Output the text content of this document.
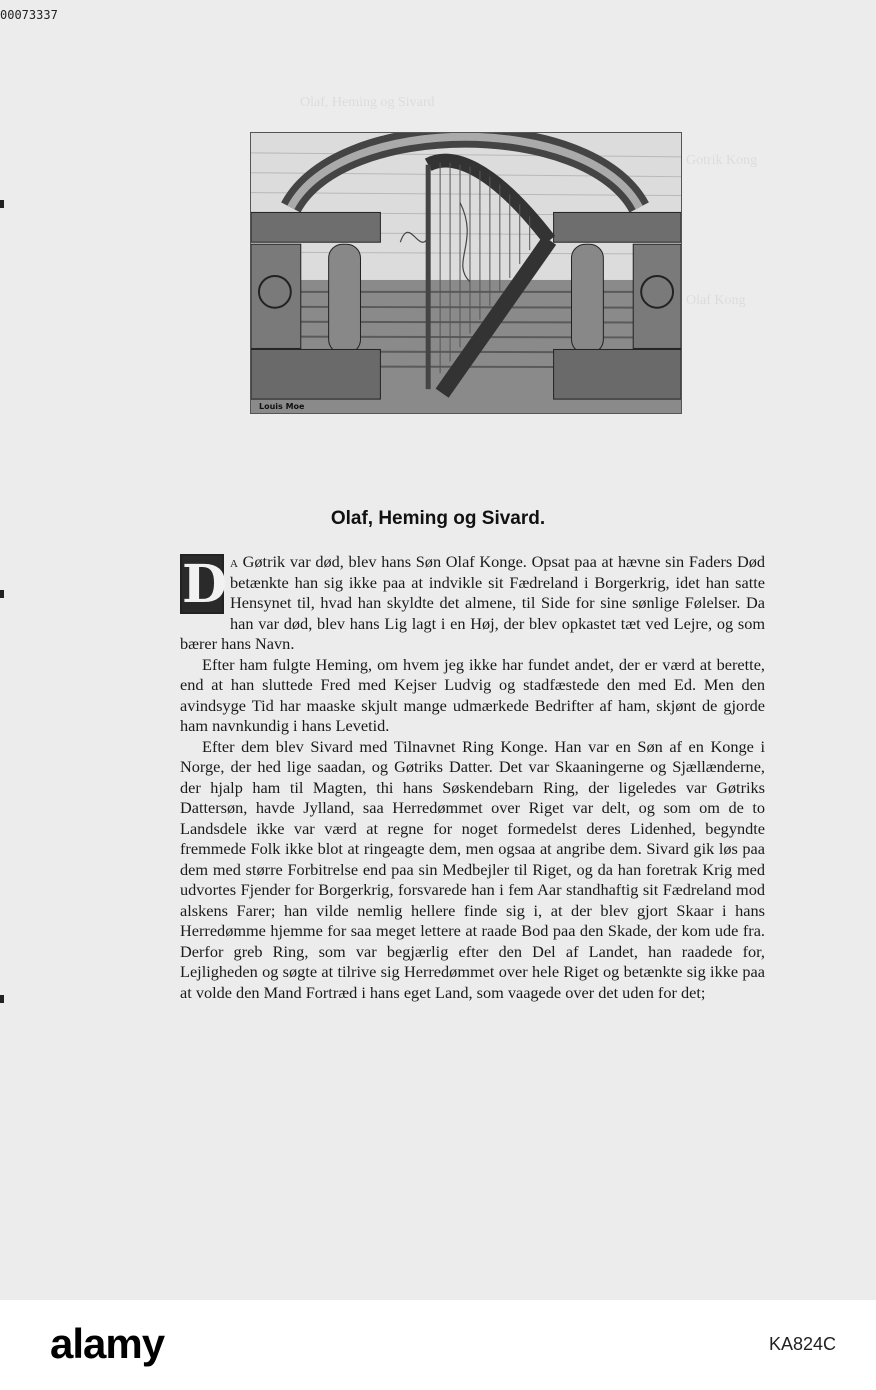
00073337
Olaf, Heming og Sivard
Gotrik Kong
Olaf Kong
Louis Moe
Olaf, Heming og Sivard.

D a Gøtrik var død, blev hans Søn Olaf Konge. Opsat paa at hævne sin Faders Død betænkte han sig ikke paa at indvikle sit Fædreland i Borgerkrig, idet han satte Hensynet til, hvad han skyldte det almene, til Side for sine sønlige Følelser. Da han var død, blev hans Lig lagt i en Høj, der blev opkastet tæt ved Lejre, og som bærer hans Navn.

Efter ham fulgte Heming, om hvem jeg ikke har fundet andet, der er værd at berette, end at han sluttede Fred med Kejser Ludvig og stadfæstede den med Ed. Men den avindsyge Tid har maaske skjult mange udmærkede Bedrifter af ham, skjønt de gjorde ham navnkundig i hans Levetid.

Efter dem blev Sivard med Tilnavnet Ring Konge. Han var en Søn af en Konge i Norge, der hed lige saadan, og Gøtriks Datter. Det var Skaaningerne og Sjællænderne, der hjalp ham til Magten, thi hans Søskendebarn Ring, der ligeledes var Gøtriks Dattersøn, havde Jylland, saa Herredømmet over Riget var delt, og som om de to Landsdele ikke var værd at regne for noget formedelst deres Lidenhed, begyndte fremmede Folk ikke blot at ringeagte dem, men ogsaa at angribe dem. Sivard gik løs paa dem med større Forbitrelse end paa sin Medbejler til Riget, og da han foretrak Krig med udvortes Fjender for Borgerkrig, forsvarede han i fem Aar standhaftig sit Fædreland mod alskens Farer; han vilde nemlig hellere finde sig i, at der blev gjort Skaar i hans Herredømme hjemme for saa meget lettere at raade Bod paa den Skade, der kom ude fra. Derfor greb Ring, som var begjærlig efter den Del af Landet, han raadede for, Lejligheden og søgte at tilrive sig Herredømmet over hele Riget og betænkte sig ikke paa at volde den Mand Fortræd i hans eget Land, som vaagede over det uden for det;

alamy	KA824C
